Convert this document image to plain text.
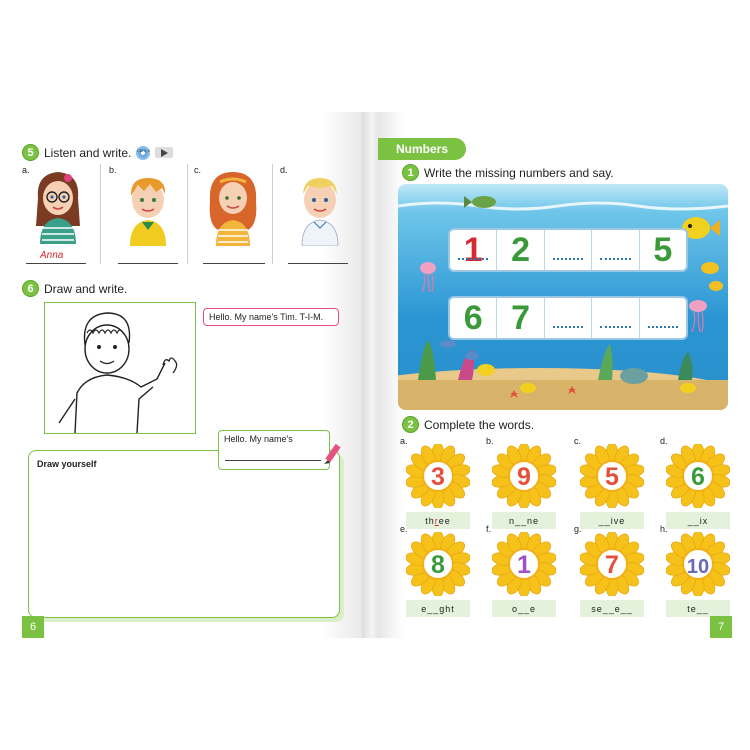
5 Listen and write. CD 1 3
a.	b.	c.	d.
Anna
6 Draw and write.
Hello. My name's Tim. T-I-M.
Draw yourself
Hello. My name's
6
Numbers
1 Write the missing numbers and say.
1 2	5
6 7
2 Complete the words.
a.
3
th r ee
b.
9
n__ne
c.
5
__ive
d.
6
__ix
e.
8
e__ght
f.
1
o__e
g.
7
se__e__
h.
10
te__
7
